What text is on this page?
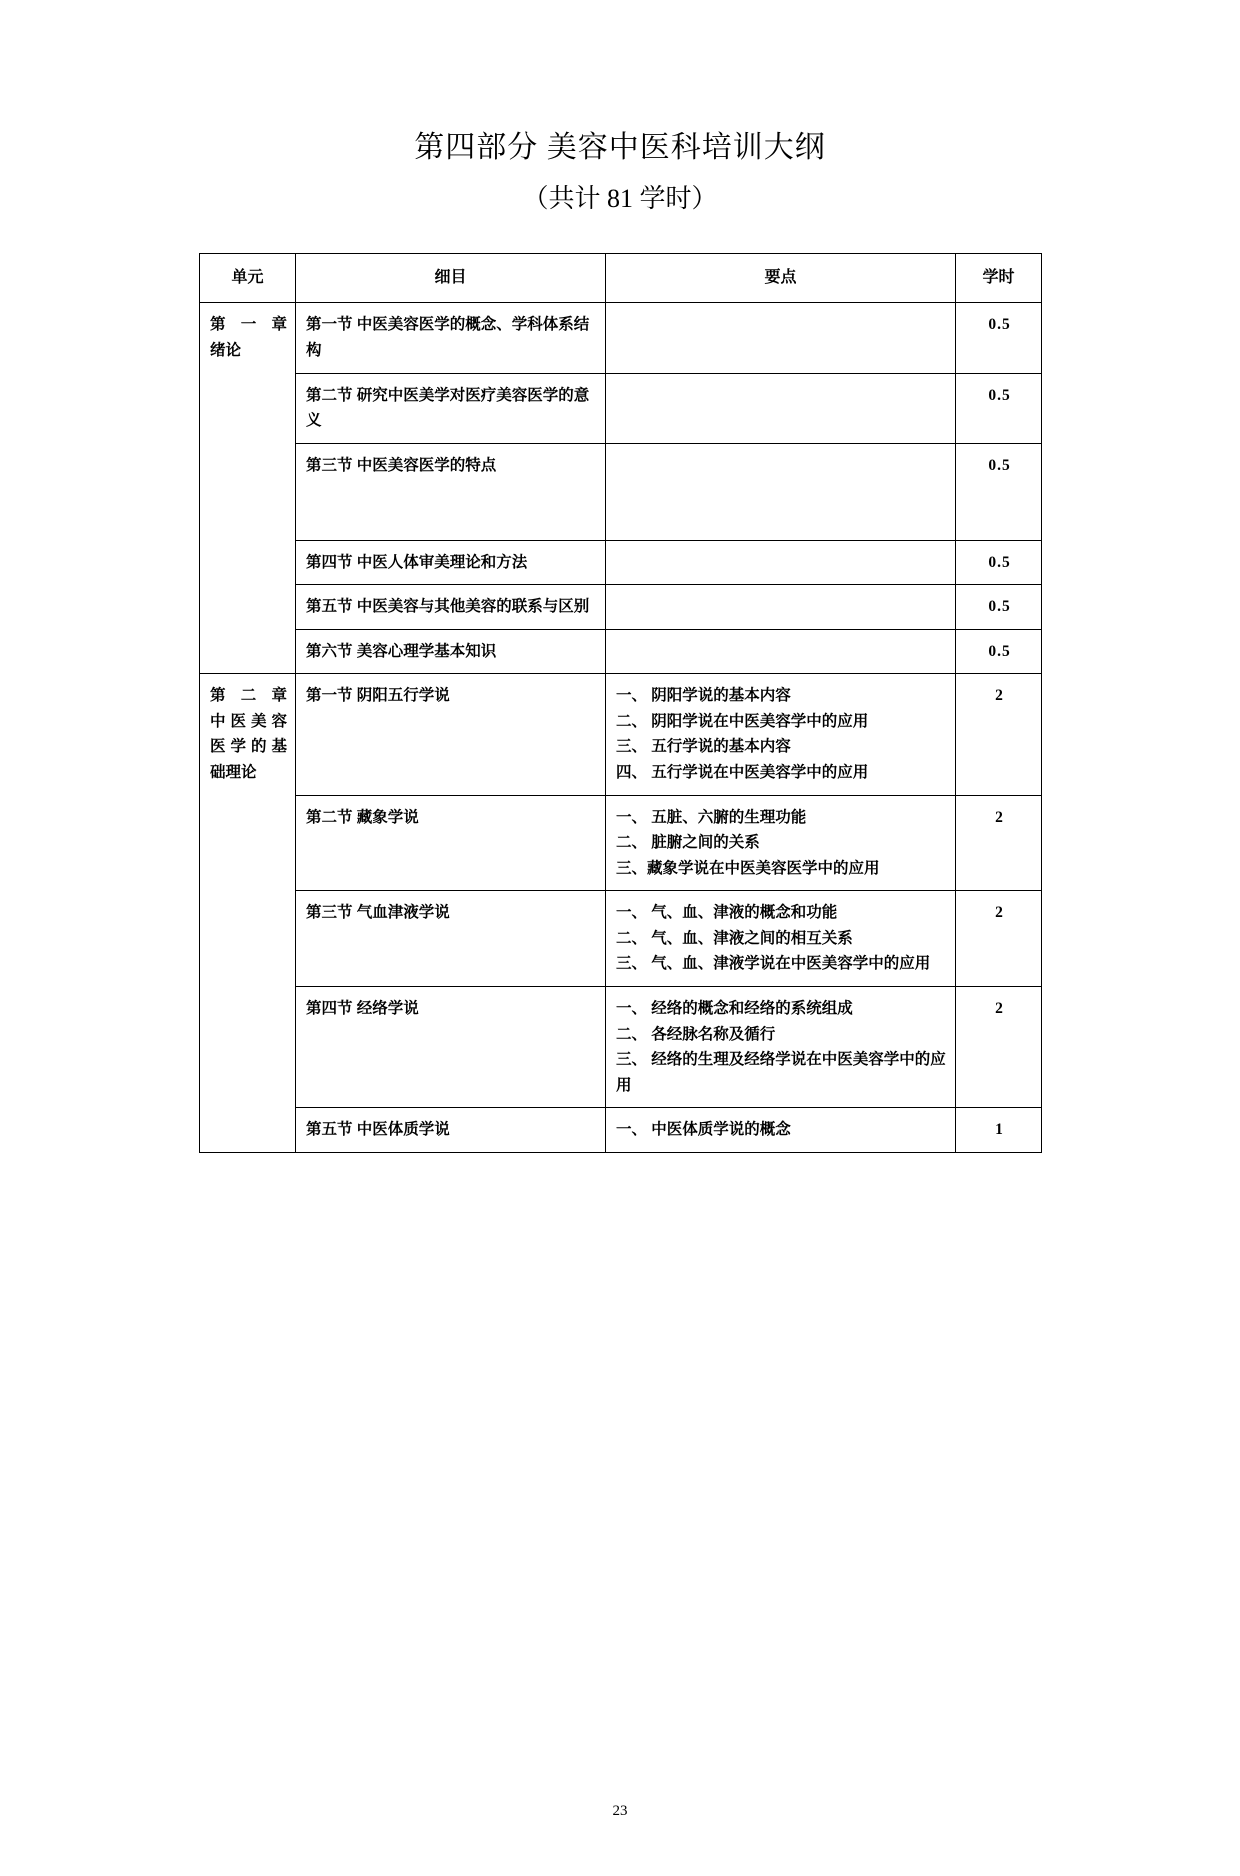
第四部分 美容中医科培训大纲
（共计 81 学时）
单元	细目	要点	学时

第 一 章
绪论	第一节 中医美容医学的概念、学科体系结构		0.5
	第二节 研究中医美学对医疗美容医学的意义		0.5
	第三节 中医美容医学的特点		0.5
	第四节 中医人体审美理论和方法		0.5
	第五节 中医美容与其他美容的联系与区别		0.5
	第六节 美容心理学基本知识		0.5

第 二 章
中医美容
医学的基
础理论	第一节 阴阳五行学说	一、 阴阳学说的基本内容
二、 阴阳学说在中医美容学中的应用
三、 五行学说的基本内容
四、 五行学说在中医美容学中的应用	2
	第二节 藏象学说	一、 五脏、六腑的生理功能
二、 脏腑之间的关系
三、藏象学说在中医美容医学中的应用	2
	第三节 气血津液学说	一、 气、血、津液的概念和功能
二、 气、血、津液之间的相互关系
三、 气、血、津液学说在中医美容学中的应用	2
	第四节 经络学说	一、 经络的概念和经络的系统组成
二、 各经脉名称及循行
三、 经络的生理及经络学说在中医美容学中的应用	2
	第五节 中医体质学说	一、 中医体质学说的概念	1
23
